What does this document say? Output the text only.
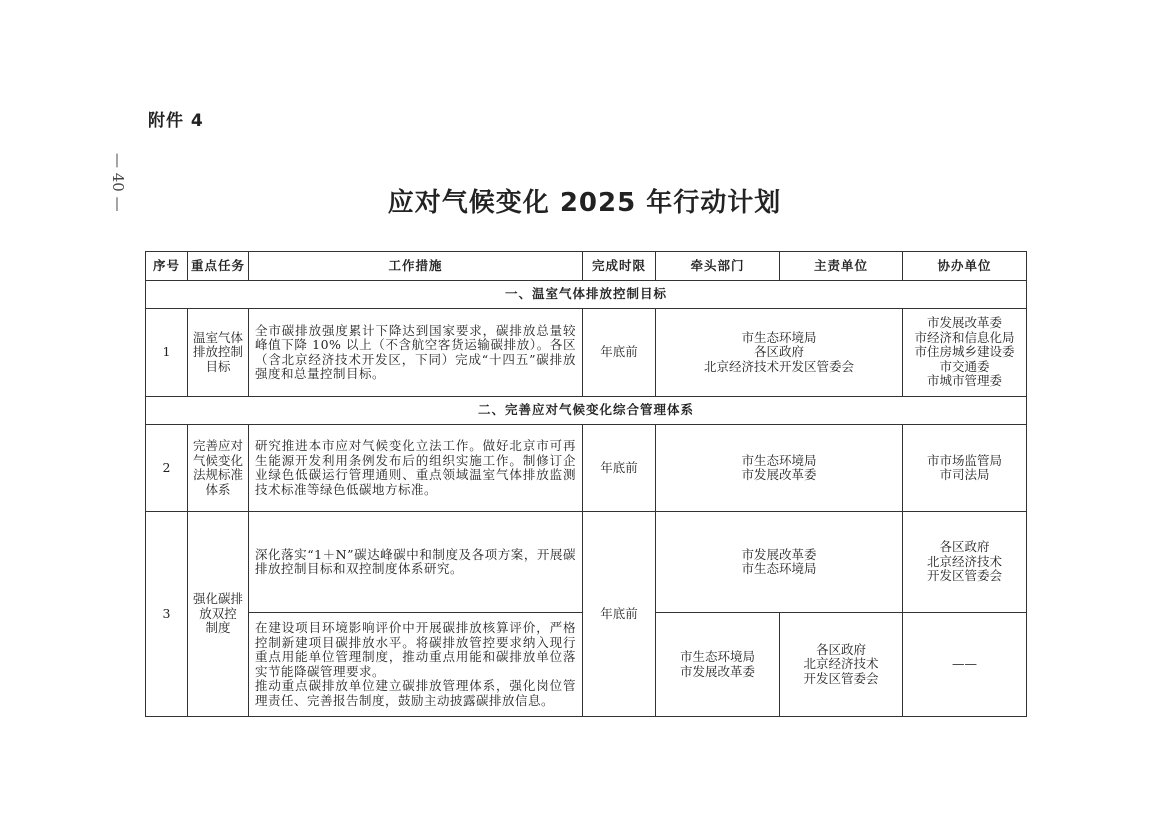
附件 4
— 40 —	应对气候变化 2025 年行动计划
序号	重点任务	工作措施	完成时限	牵头部门	主责单位	协办单位
一、温室气体排放控制目标						
1	温室气体
排放控制
目标	全市碳排放强度累计下降达到国家要求，碳排放总量较峰值下降 10% 以上（不含航空客货运输碳排放）。各区（含北京经济技术开发区，下同）完成“十四五”碳排放强度和总量控制目标。	年底前	市生态环境局
各区政府
北京经济技术开发区管委会		市发展改革委
市经济和信息化局
市住房城乡建设委
市交通委
市城市管理委
二、完善应对气候变化综合管理体系						
2	完善应对
气候变化
法规标准
体系	研究推进本市应对气候变化立法工作。做好北京市可再生能源开发利用条例发布后的组织实施工作。制修订企业绿色低碳运行管理通则、重点领域温室气体排放监测技术标准等绿色低碳地方标准。	年底前	市生态环境局
市发展改革委		市市场监管局
市司法局
3	强化碳排
放双控
制度	深化落实“1＋N”碳达峰碳中和制度及各项方案，开展碳排放控制目标和双控制度体系研究。	年底前	市发展改革委
市生态环境局		各区政府
北京经济技术
开发区管委会
		在建设项目环境影响评价中开展碳排放核算评价，严格控制新建项目碳排放水平。将碳排放管控要求纳入现行重点用能单位管理制度，推动重点用能和碳排放单位落实节能降碳管理要求。
推动重点碳排放单位建立碳排放管理体系，强化岗位管理责任、完善报告制度，鼓励主动披露碳排放信息。		市生态环境局
市发展改革委	各区政府
北京经济技术
开发区管委会	——
